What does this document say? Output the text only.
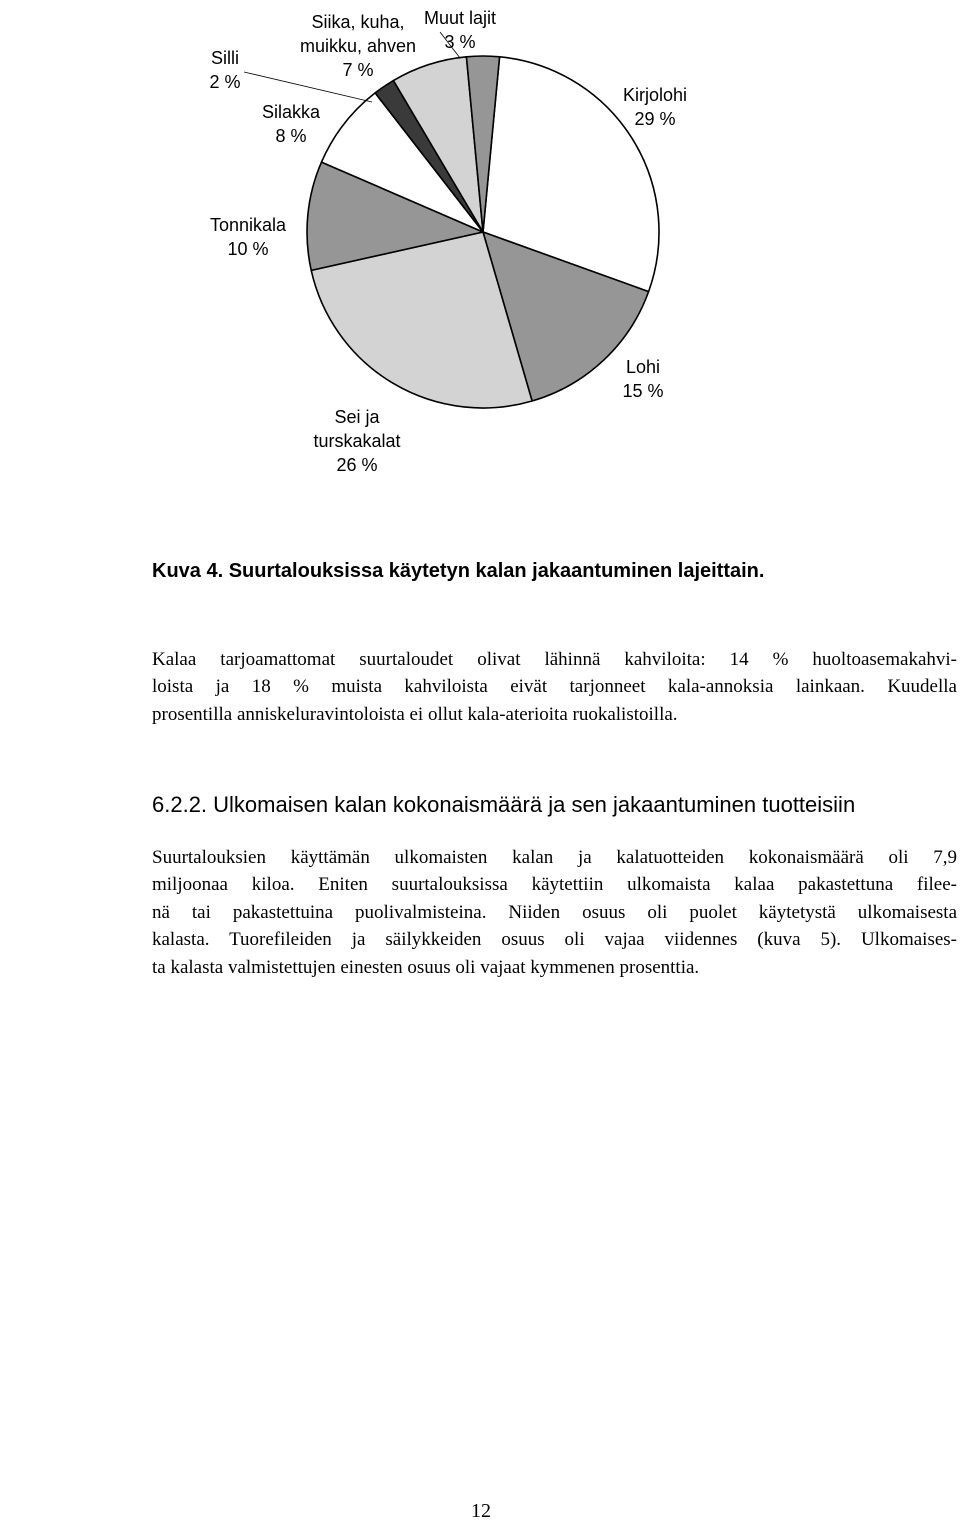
Kirjolohi 29 %
Lohi 15 %
Sei ja turskakalat 26 %
Tonnikala 10 %
Silakka 8 %
Silli 2 %
Siika, kuha, muikku, ahven 7 %
Muut lajit 3 %

Kuva 4. Suurtalouksissa käytetyn kalan jakaantuminen lajeittain.

Kalaa tarjoamattomat suurtaloudet olivat lähinnä kahviloita: 14 % huoltoasemakahvi-
loista ja 18 % muista kahviloista eivät tarjonneet kala-annoksia lainkaan. Kuudella
prosentilla anniskeluravintoloista ei ollut kala-aterioita ruokalistoilla.

6.2.2. Ulkomaisen kalan kokonaismäärä ja sen jakaantuminen tuotteisiin

Suurtalouksien käyttämän ulkomaisten kalan ja kalatuotteiden kokonaismäärä oli 7,9
miljoonaa kiloa. Eniten suurtalouksissa käytettiin ulkomaista kalaa pakastettuna filee-
nä tai pakastettuina puolivalmisteina. Niiden osuus oli puolet käytetystä ulkomaisesta
kalasta. Tuorefileiden ja säilykkeiden osuus oli vajaa viidennes (kuva 5). Ulkomaises-
ta kalasta valmistettujen einesten osuus oli vajaat kymmenen prosenttia.

12
